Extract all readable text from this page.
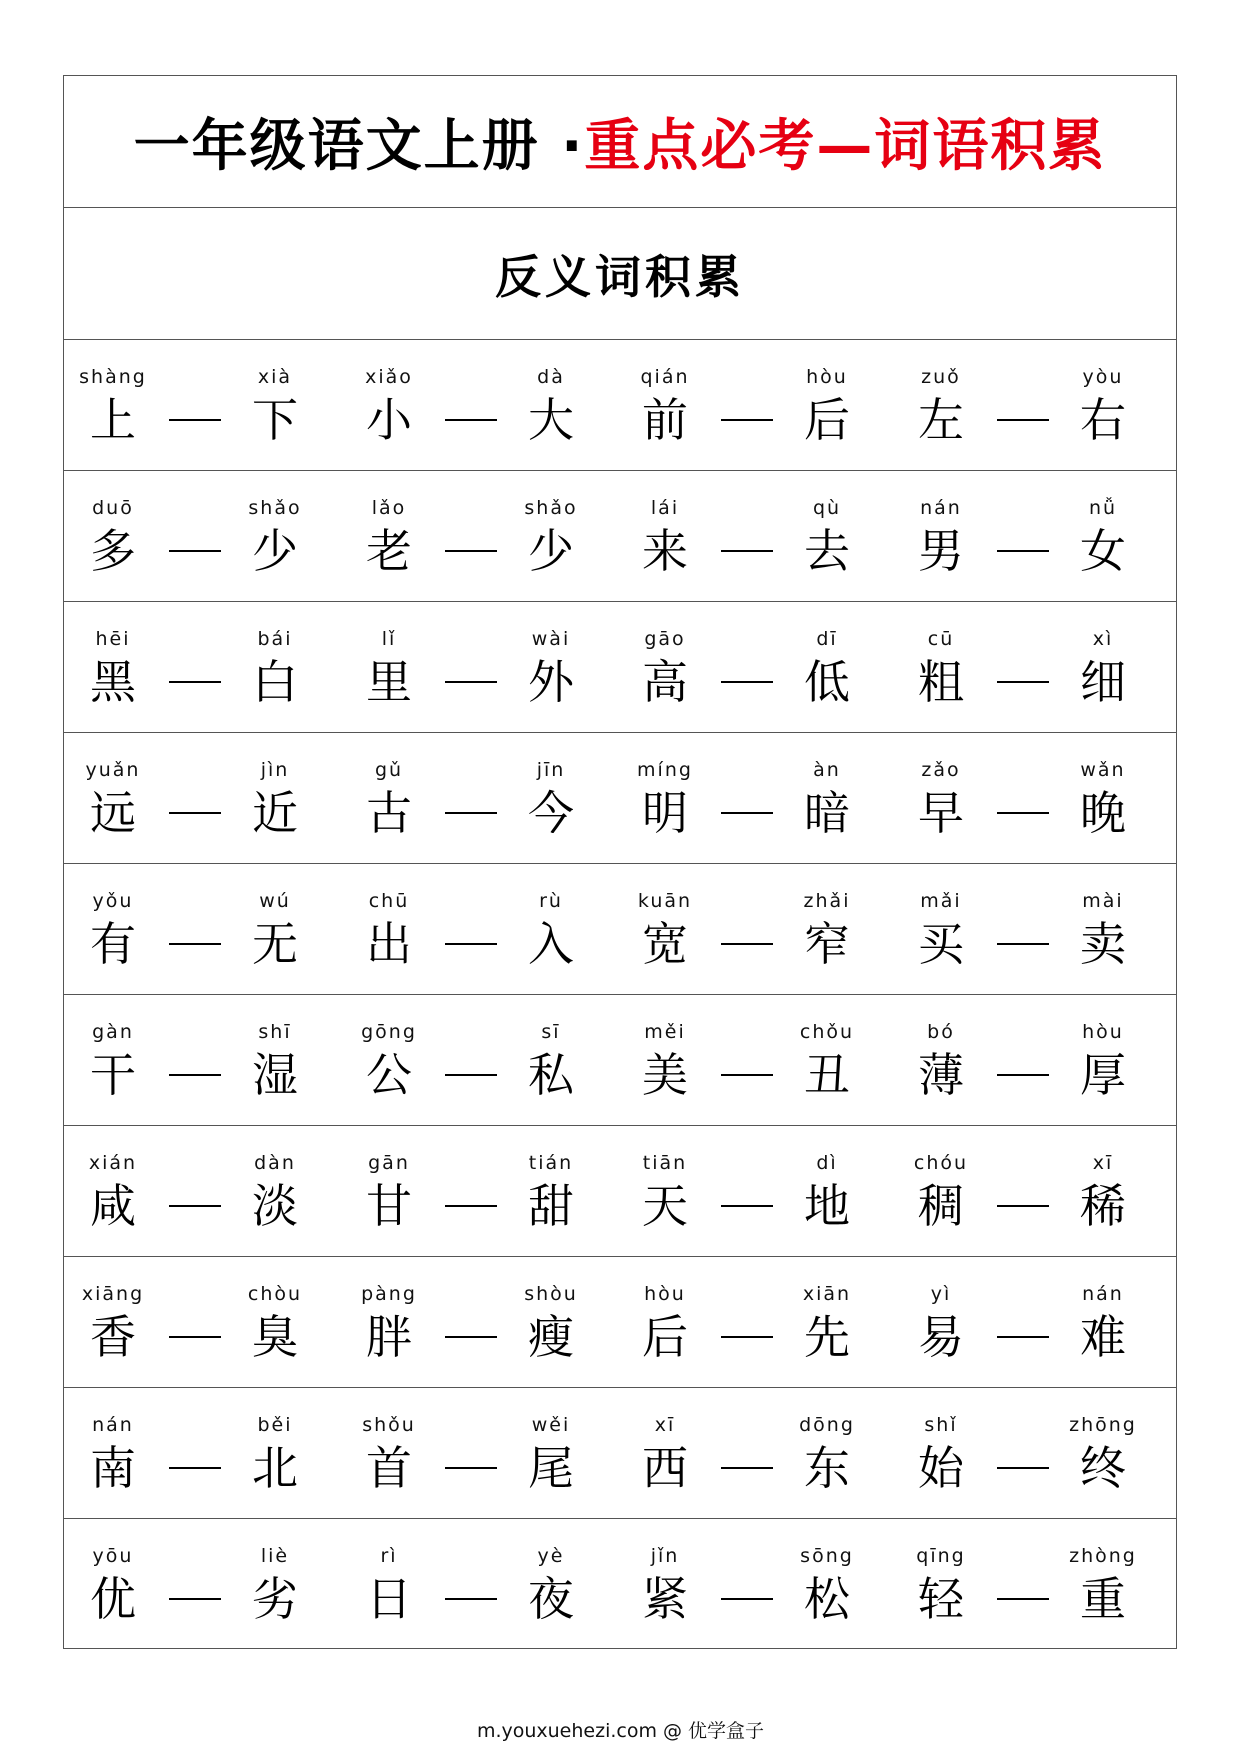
一年级语文上册 · 重点必考—词语积累
反义词积累
shàng
上
xià
下
xiǎo
小
dà
大
qián
前
hòu
后
zuǒ
左
yòu
右
duō
多
shǎo
少
lǎo
老
shǎo
少
lái
来
qù
去
nán
男
nǚ
女
hēi
黑
bái
白
lǐ
里
wài
外
gāo
高
dī
低
cū
粗
xì
细
yuǎn
远
jìn
近
gǔ
古
jīn
今
míng
明
àn
暗
zǎo
早
wǎn
晚
yǒu
有
wú
无
chū
出
rù
入
kuān
宽
zhǎi
窄
mǎi
买
mài
卖
gàn
干
shī
湿
gōng
公
sī
私
měi
美
chǒu
丑
bó
薄
hòu
厚
xián
咸
dàn
淡
gān
甘
tián
甜
tiān
天
dì
地
chóu
稠
xī
稀
xiāng
香
chòu
臭
pàng
胖
shòu
瘦
hòu
后
xiān
先
yì
易
nán
难
nán
南
běi
北
shǒu
首
wěi
尾
xī
西
dōng
东
shǐ
始
zhōng
终
yōu
优
liè
劣
rì
日
yè
夜
jǐn
紧
sōng
松
qīng
轻
zhòng
重
m.youxuehezi.com @ 优学盒子
